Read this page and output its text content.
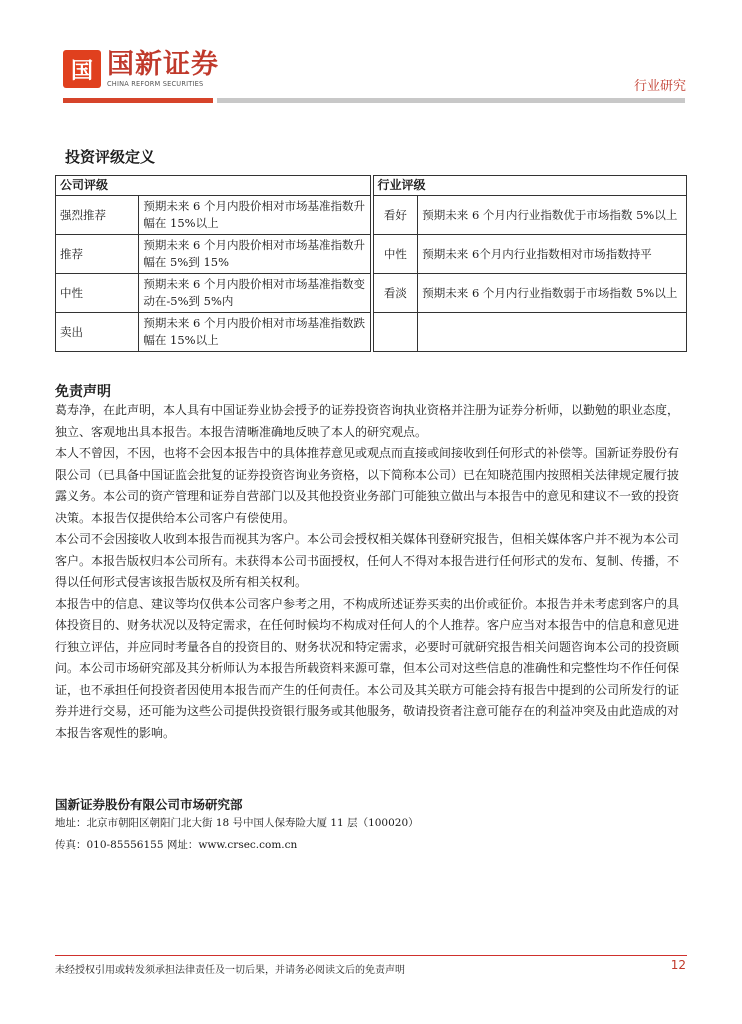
国 国新证券
CHINA REFORM SECURITIES	行业研究
投资评级定义
公司评级			行业评级	
强烈推荐	预期未来 6 个月内股价相对市场基准指数升幅在 15%以上		看好	预期未来 6 个月内行业指数优于市场指数 5%以上
推荐	预期未来 6 个月内股价相对市场基准指数升幅在 5%到 15%		中性	预期未来 6个月内行业指数相对市场指数持平
中性	预期未来 6 个月内股价相对市场基准指数变动在-5%到 5%内		看淡	预期未来 6 个月内行业指数弱于市场指数 5%以上
卖出	预期未来 6 个月内股价相对市场基准指数跌幅在 15%以上			
免责声明

葛寿净，在此声明，本人具有中国证券业协会授予的证券投资咨询执业资格并注册为证券分析师，以勤勉的职业态度，独立、客观地出具本报告。本报告清晰准确地反映了本人的研究观点。

本人不曾因，不因，也将不会因本报告中的具体推荐意见或观点而直接或间接收到任何形式的补偿等。国新证券股份有限公司（已具备中国证监会批复的证券投资咨询业务资格，以下简称本公司）已在知晓范围内按照相关法律规定履行披露义务。本公司的资产管理和证券自营部门以及其他投资业务部门可能独立做出与本报告中的意见和建议不一致的投资决策。本报告仅提供给本公司客户有偿使用。

本公司不会因接收人收到本报告而视其为客户。本公司会授权相关媒体刊登研究报告，但相关媒体客户并不视为本公司客户。本报告版权归本公司所有。未获得本公司书面授权，任何人不得对本报告进行任何形式的发布、复制、传播，不得以任何形式侵害该报告版权及所有相关权利。

本报告中的信息、建议等均仅供本公司客户参考之用，不构成所述证券买卖的出价或征价。本报告并未考虑到客户的具体投资目的、财务状况以及特定需求，在任何时候均不构成对任何人的个人推荐。客户应当对本报告中的信息和意见进行独立评估，并应同时考量各自的投资目的、财务状况和特定需求，必要时可就研究报告相关问题咨询本公司的投资顾问。本公司市场研究部及其分析师认为本报告所载资料来源可靠，但本公司对这些信息的准确性和完整性均不作任何保证，也不承担任何投资者因使用本报告而产生的任何责任。本公司及其关联方可能会持有报告中提到的公司所发行的证券并进行交易，还可能为这些公司提供投资银行服务或其他服务，敬请投资者注意可能存在的利益冲突及由此造成的对本报告客观性的影响。

国新证券股份有限公司市场研究部
地址：北京市朝阳区朝阳门北大街 18 号中国人保寿险大厦 11 层（100020）
传真：010-85556155 网址：www.crsec.com.cn
未经授权引用或转发须承担法律责任及一切后果，并请务必阅读文后的免责声明	12
